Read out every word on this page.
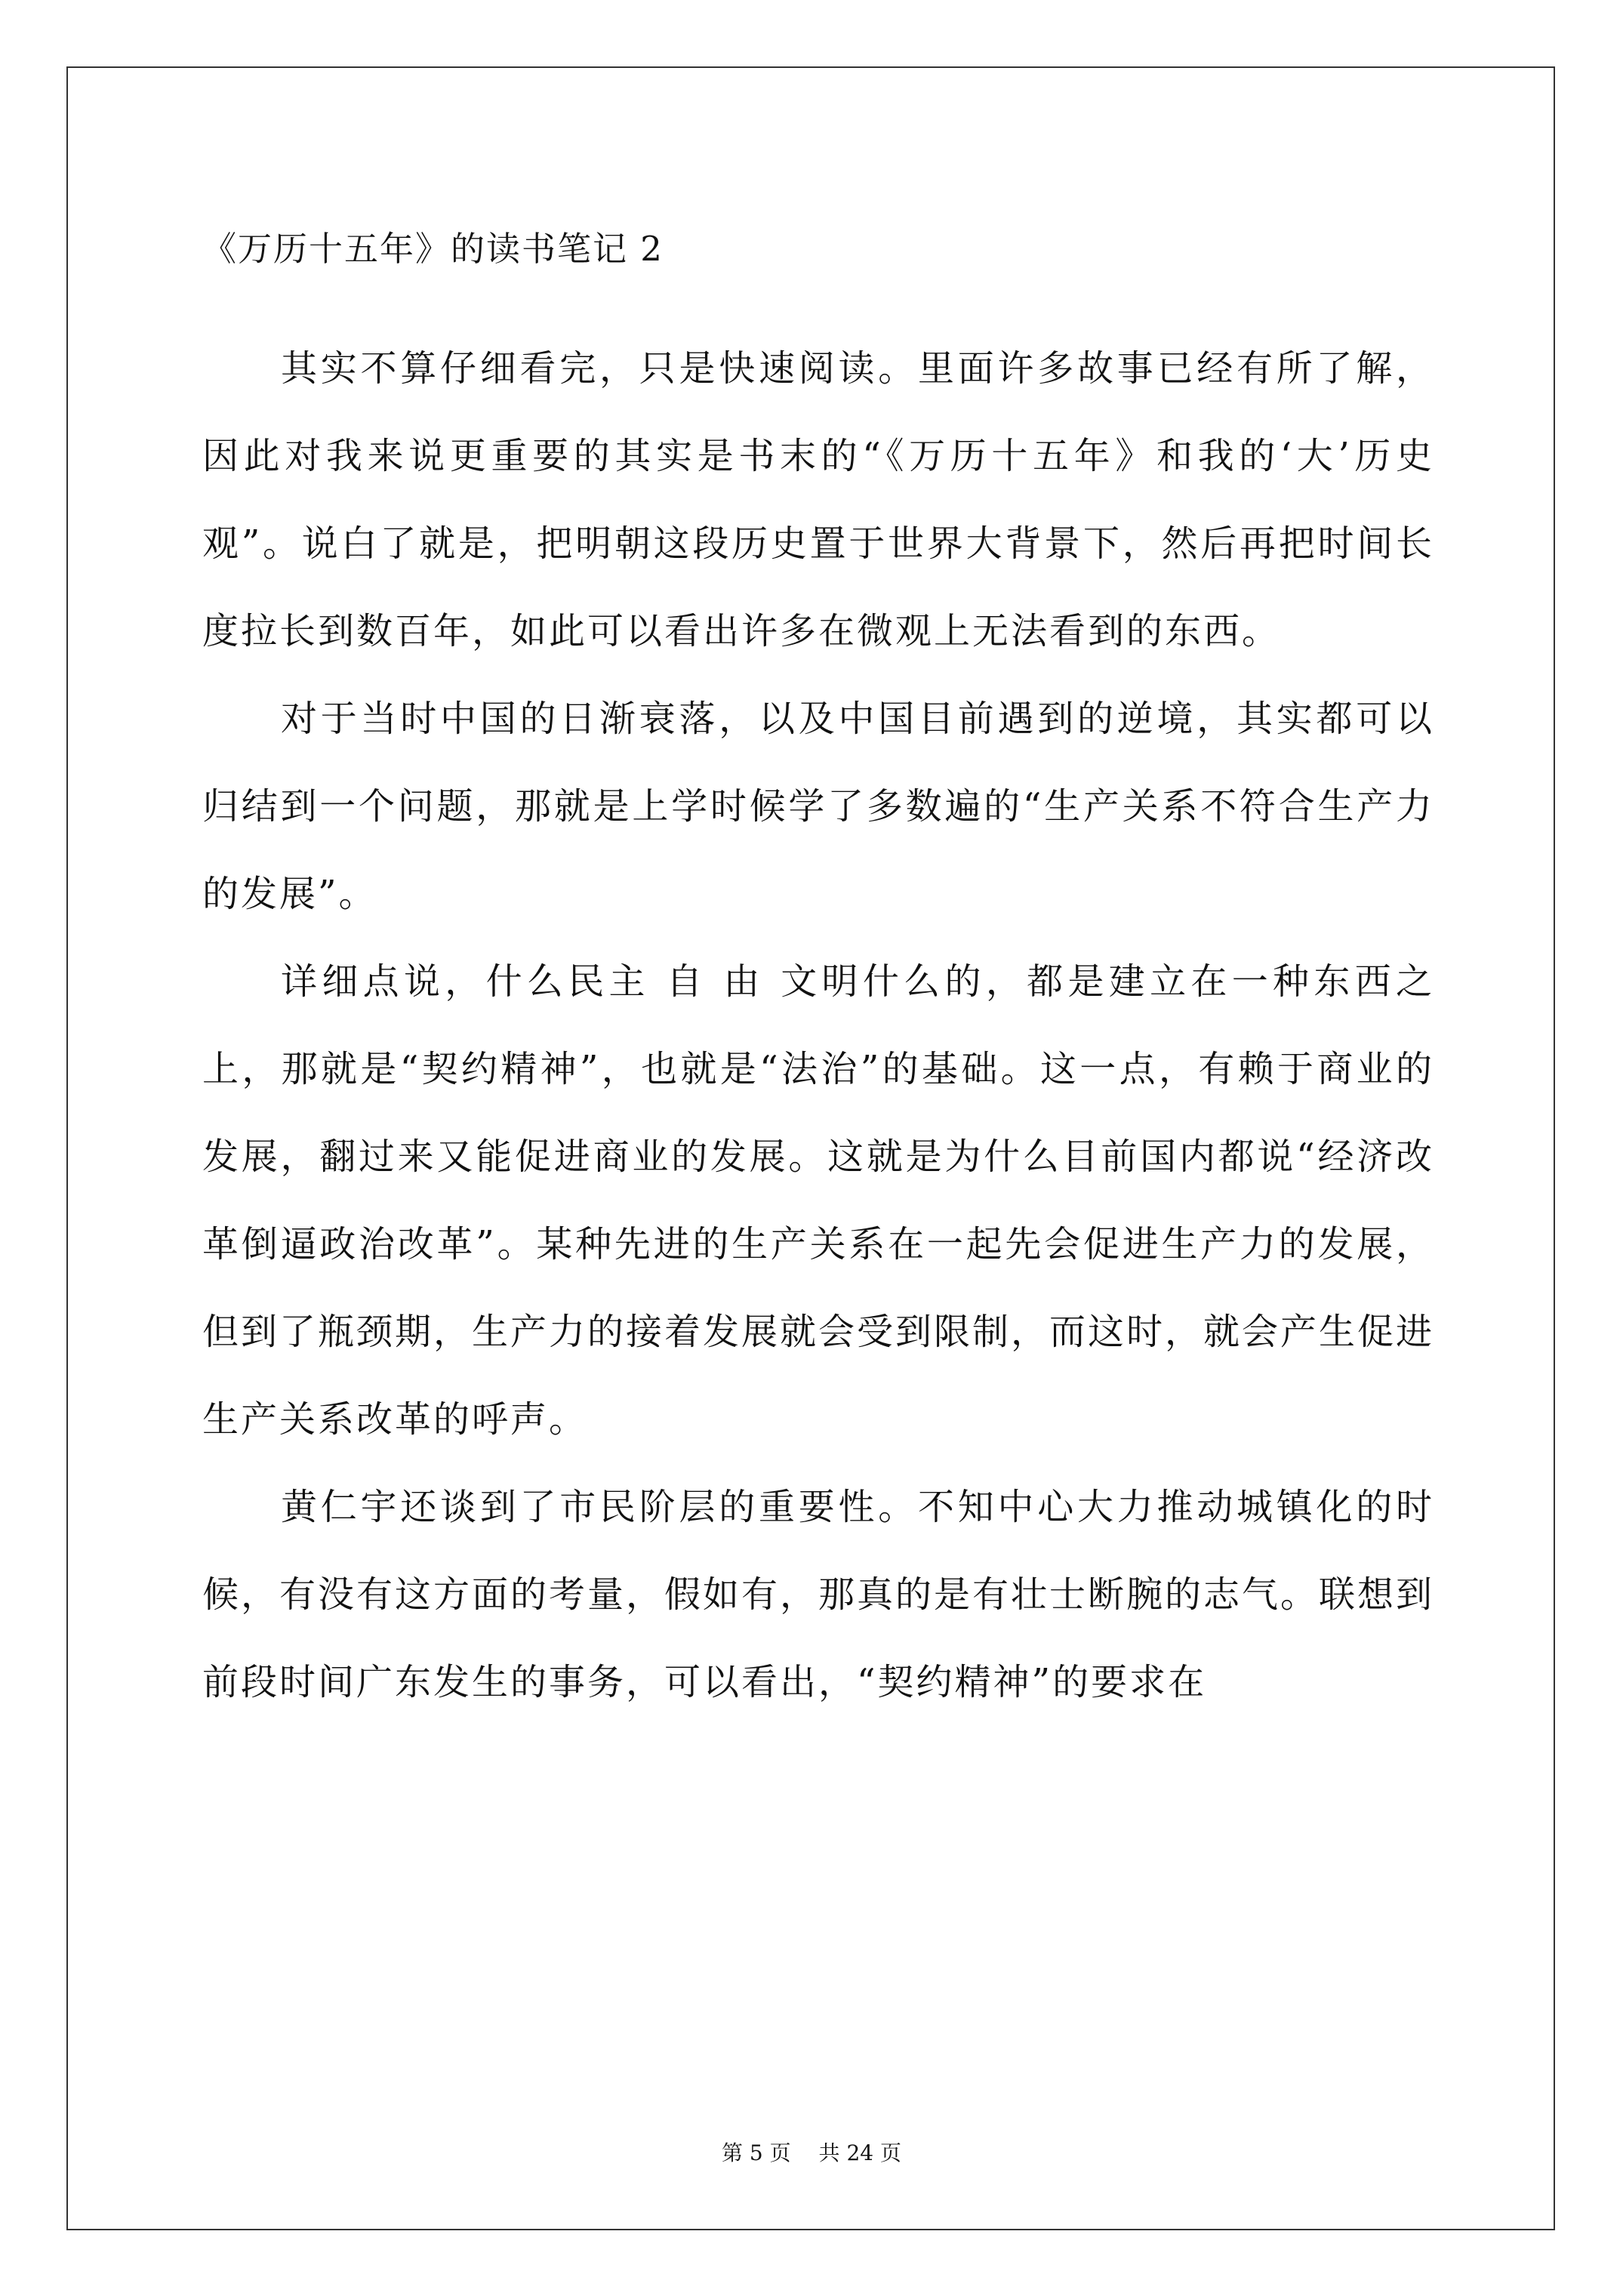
《万历十五年》的读书笔记 2

其实不算仔细看完，只是快速阅读。里面许多故事已经有所了解，因此对我来说更重要的其实是书末的“《万历十五年》和我的‘大’历史观”。说白了就是，把明朝这段历史置于世界大背景下，然后再把时间长度拉长到数百年，如此可以看出许多在微观上无法看到的东西。

对于当时中国的日渐衰落，以及中国目前遇到的逆境，其实都可以归结到一个问题，那就是上学时候学了多数遍的“生产关系不符合生产力的发展”。

详细点说，什么民主 自 由 文明什么的，都是建立在一种东西之上，那就是“契约精神”，也就是“法治”的基础。这一点，有赖于商业的发展，翻过来又能促进商业的发展。这就是为什么目前国内都说“经济改革倒逼政治改革”。某种先进的生产关系在一起先会促进生产力的发展，但到了瓶颈期，生产力的接着发展就会受到限制，而这时，就会产生促进生产关系改革的呼声。

黄仁宇还谈到了市民阶层的重要性。不知中心大力推动城镇化的时候，有没有这方面的考量，假如有，那真的是有壮士断腕的志气。联想到前段时间广东发生的事务，可以看出，“契约精神”的要求在

第 5 页 共 24 页
